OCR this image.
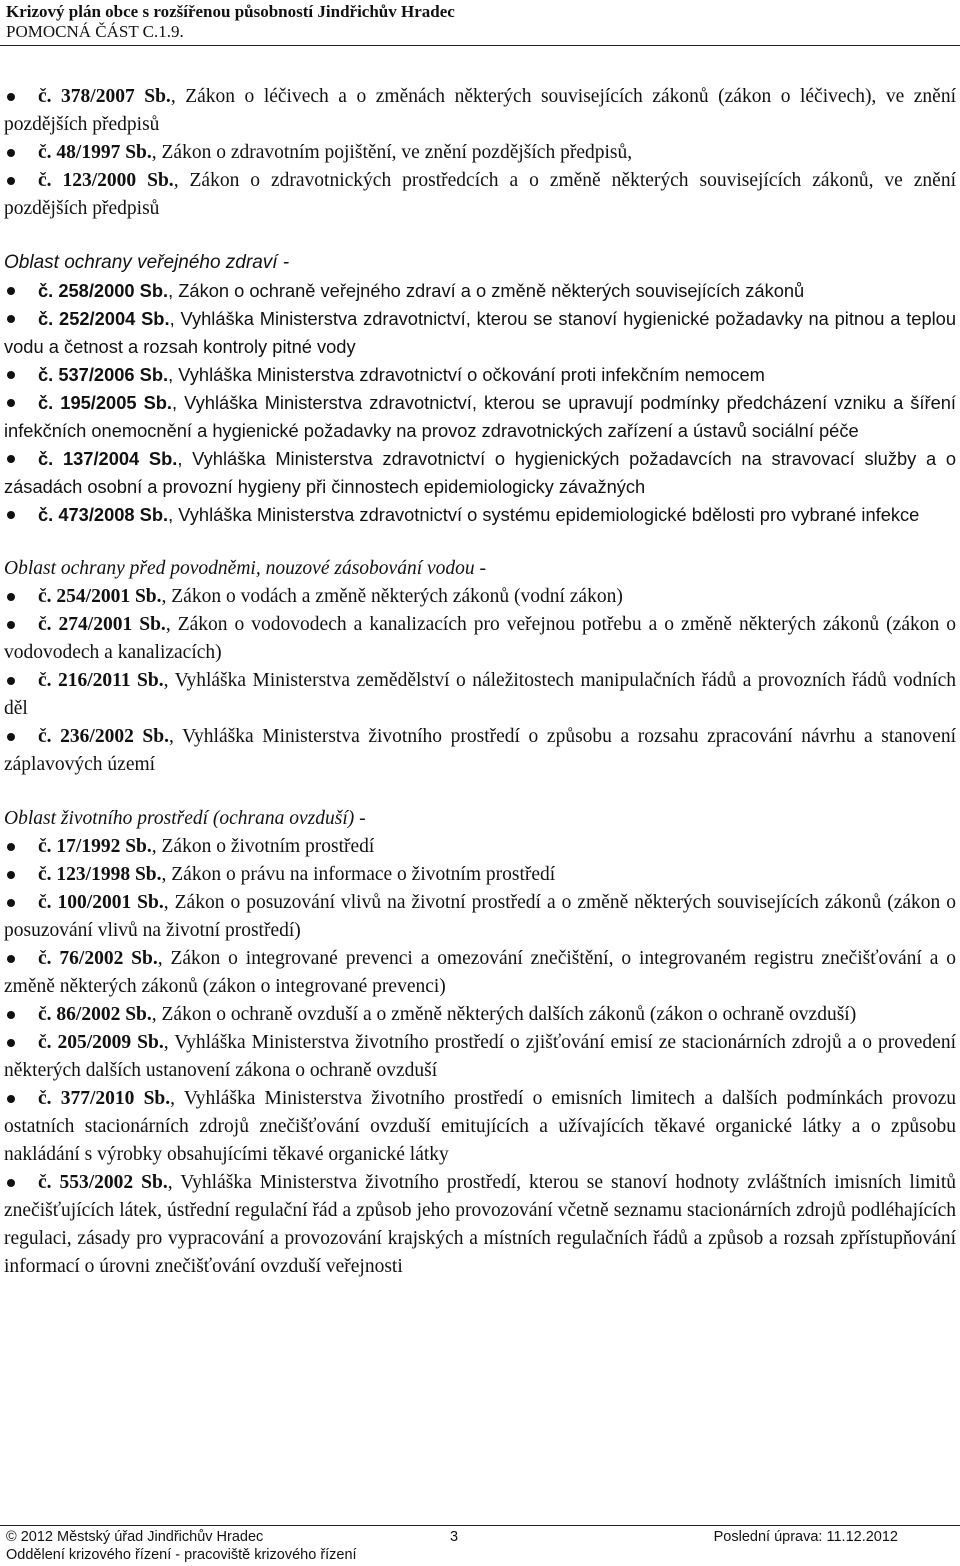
Krizový plán obce s rozšířenou působností Jindřichův Hradec
POMOCNÁ ČÁST C.1.9.

č. 378/2007 Sb., Zákon o léčivech a o změnách některých souvisejících zákonů (zákon o léčivech), ve znění pozdějších předpisů

č. 48/1997 Sb., Zákon o zdravotním pojištění, ve znění pozdějších předpisů,

č. 123/2000 Sb., Zákon o zdravotnických prostředcích a o změně některých souvisejících zákonů, ve znění pozdějších předpisů

Oblast ochrany veřejného zdraví -

č. 258/2000 Sb., Zákon o ochraně veřejného zdraví a o změně některých souvisejících zákonů

č. 252/2004 Sb., Vyhláška Ministerstva zdravotnictví, kterou se stanoví hygienické požadavky na pitnou a teplou vodu a četnost a rozsah kontroly pitné vody

č. 537/2006 Sb., Vyhláška Ministerstva zdravotnictví o očkování proti infekčním nemocem

č. 195/2005 Sb., Vyhláška Ministerstva zdravotnictví, kterou se upravují podmínky předcházení vzniku a šíření infekčních onemocnění a hygienické požadavky na provoz zdravotnických zařízení a ústavů sociální péče

č. 137/2004 Sb., Vyhláška Ministerstva zdravotnictví o hygienických požadavcích na stravovací služby a o zásadách osobní a provozní hygieny při činnostech epidemiologicky závažných

č. 473/2008 Sb., Vyhláška Ministerstva zdravotnictví o systému epidemiologické bdělosti pro vybrané infekce

Oblast ochrany před povodněmi, nouzové zásobování vodou -

č. 254/2001 Sb., Zákon o vodách a změně některých zákonů (vodní zákon)

č. 274/2001 Sb., Zákon o vodovodech a kanalizacích pro veřejnou potřebu a o změně některých zákonů (zákon o vodovodech a kanalizacích)

č. 216/2011 Sb., Vyhláška Ministerstva zemědělství o náležitostech manipulačních řádů a provozních řádů vodních děl

č. 236/2002 Sb., Vyhláška Ministerstva životního prostředí o způsobu a rozsahu zpracování návrhu a stanovení záplavových území

Oblast životního prostředí (ochrana ovzduší) -

č. 17/1992 Sb., Zákon o životním prostředí

č. 123/1998 Sb., Zákon o právu na informace o životním prostředí

č. 100/2001 Sb., Zákon o posuzování vlivů na životní prostředí a o změně některých souvisejících zákonů (zákon o posuzování vlivů na životní prostředí)

č. 76/2002 Sb., Zákon o integrované prevenci a omezování znečištění, o integrovaném registru znečišťování a o změně některých zákonů (zákon o integrované prevenci)

č. 86/2002 Sb., Zákon o ochraně ovzduší a o změně některých dalších zákonů (zákon o ochraně ovzduší)

č. 205/2009 Sb., Vyhláška Ministerstva životního prostředí o zjišťování emisí ze stacionárních zdrojů a o provedení některých dalších ustanovení zákona o ochraně ovzduší

č. 377/2010 Sb., Vyhláška Ministerstva životního prostředí o emisních limitech a dalších podmínkách provozu ostatních stacionárních zdrojů znečišťování ovzduší emitujících a užívajících těkavé organické látky a o způsobu nakládání s výrobky obsahujícími těkavé organické látky

č. 553/2002 Sb., Vyhláška Ministerstva životního prostředí, kterou se stanoví hodnoty zvláštních imisních limitů znečišťujících látek, ústřední regulační řád a způsob jeho provozování včetně seznamu stacionárních zdrojů podléhajících regulaci, zásady pro vypracování a provozování krajských a místních regulačních řádů a způsob a rozsah zpřístupňování informací o úrovni znečišťování ovzduší veřejnosti

© 2012 Městský úřad Jindřichův Hradec	3	Poslední úprava: 11.12.2012
Oddělení krizového řízení - pracoviště krizového řízení
